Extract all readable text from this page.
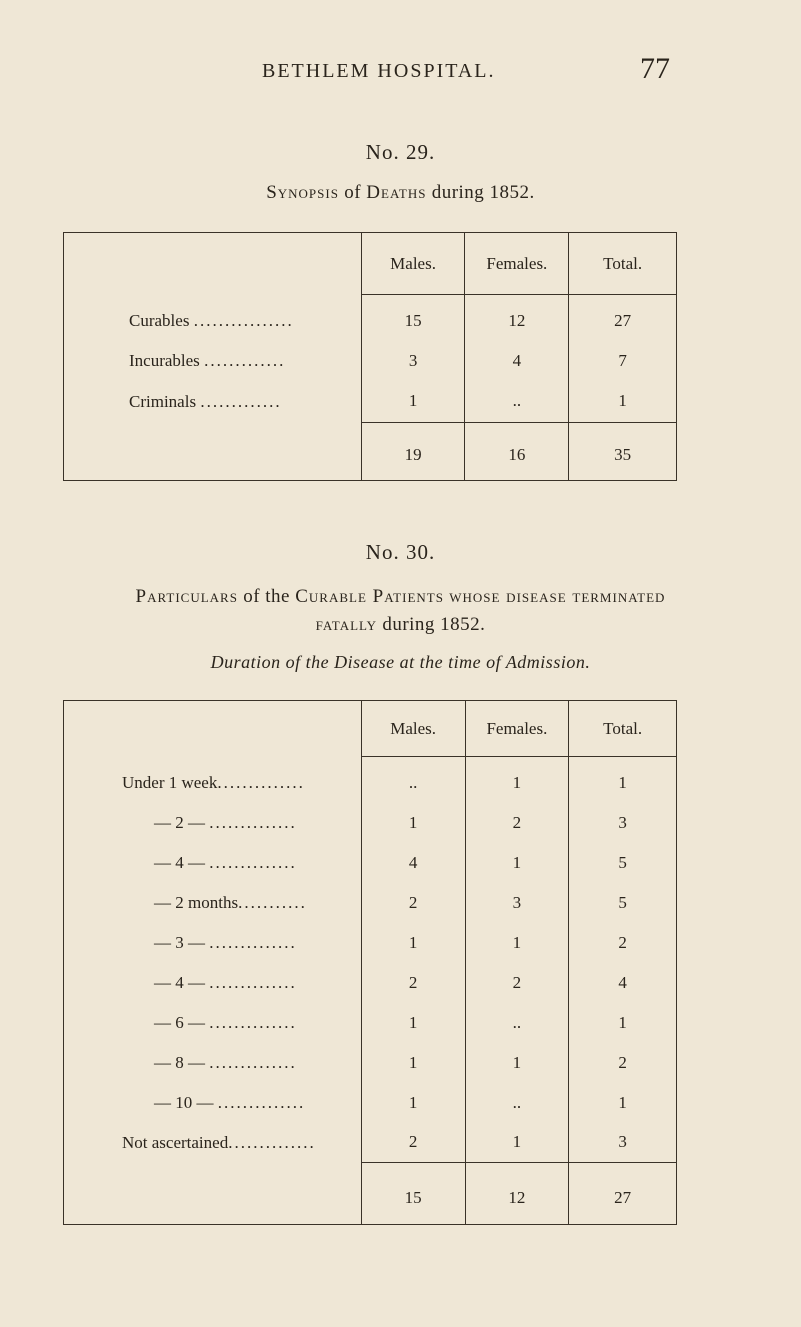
BETHLEM HOSPITAL.	77
No. 29.
Synopsis of Deaths during 1852.
	Males.	Females.	Total.

Curables ................	15	12	27
Incurables .............	3	4	7
Criminals .............	1	..	1

	19	16	35
No. 30.
Particulars of the Curable Patients whose disease terminated
fatally during 1852.
Duration of the Disease at the time of Admission.
	Males.	Females.	Total.

Under 1 week..............	..	1	1
— 2 — ..............	1	2	3
— 4 — ..............	4	1	5
— 2 months...........	2	3	5
— 3 — ..............	1	1	2
— 4 — ..............	2	2	4
— 6 — ..............	1	..	1
— 8 — ..............	1	1	2
— 10 — ..............	1	..	1
Not ascertained..............	2	1	3

	15	12	27
